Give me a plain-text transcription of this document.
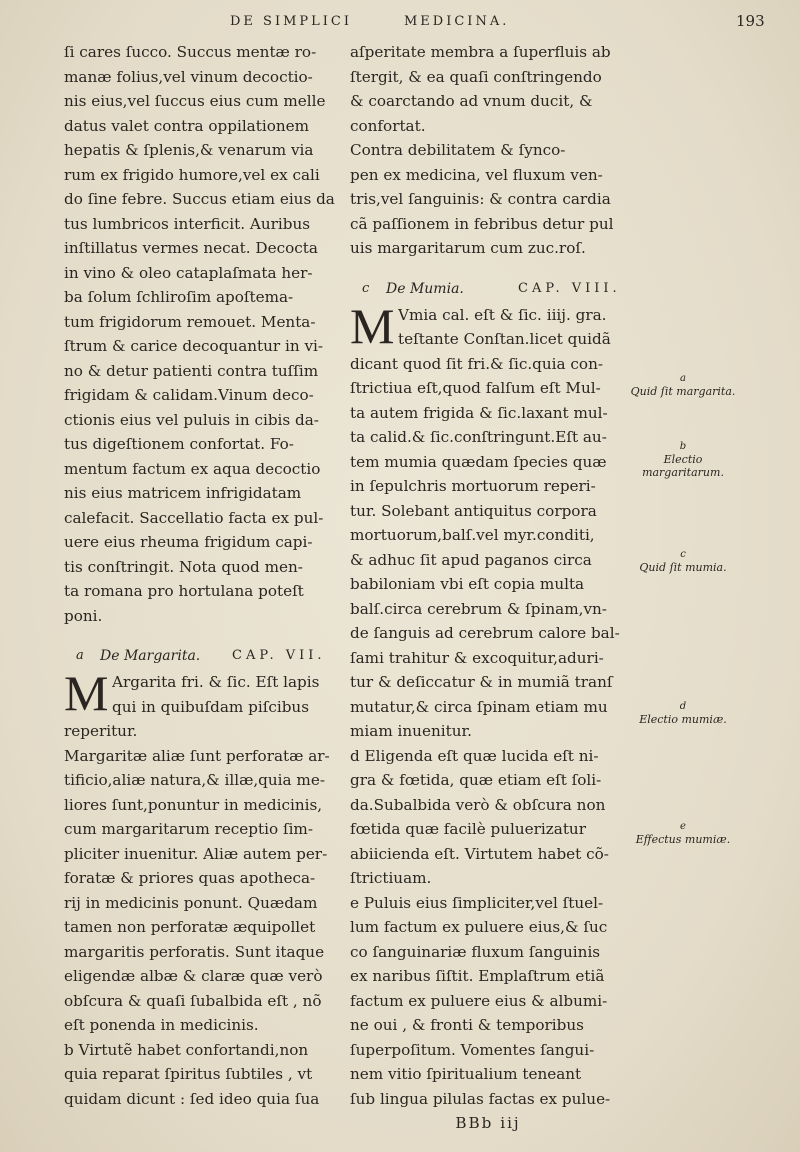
DE SIMPLICI	MEDICINA.	193
ſi cares ſucco. Succus mentæ ro-
manæ folius,vel vinum decoctio-
nis eius,vel ſuccus eius cum melle
datus valet contra oppilationem
hepatis & ſplenis,& venarum via
rum ex frigido humore,vel ex cali
do ſine febre. Succus etiam eius da
tus lumbricos interficit. Auribus
inſtillatus vermes necat. Decocta
in vino & oleo cataplaſmata her-
ba ſolum ſchliroſim apoſtema-
tum frigidorum remouet. Menta-
ſtrum & carice decoquantur in vi-
no & detur patienti contra tuſſim
frigidam & calidam.Vinum deco-
ctionis eius vel puluis in cibis da-
tus digeſtionem confortat. Fo-
mentum factum ex aqua decoctio
nis eius matricem infrigidatam
calefacit. Saccellatio facta ex pul-
uere eius rheuma frigidum capi-
tis conſtringit. Nota quod men-
ta romana pro hortulana poteſt
poni.
a De Margarita. CAP. VII.
M Argarita fri. & ſic. Eſt lapis
qui in quibuſdam piſcibus
reperitur.
Margaritæ aliæ ſunt perforatæ ar-
tificio,aliæ natura,& illæ,quia me-
liores ſunt,ponuntur in medicinis,
cum margaritarum receptio ſim-
pliciter inuenitur. Aliæ autem per-
foratæ & priores quas apotheca-
rij in medicinis ponunt. Quædam
tamen non perforatæ æquipollet
margaritis perforatis. Sunt itaque
eligendæ albæ & claræ quæ verò
obſcura & quaſi ſubalbida eſt , nõ
eſt ponenda in medicinis.
b Virtutẽ habet confortandi,non
quia reparat ſpiritus ſubtiles , vt
quidam dicunt : ſed ideo quia ſua
aſperitate membra a ſuperfluis ab
ſtergit, & ea quaſi conſtringendo
& coarctando ad vnum ducit, &
confortat.
Contra debilitatem & ſynco-
pen ex medicina, vel fluxum ven-
tris,vel ſanguinis: & contra cardia
cã paſſionem in febribus detur pul
uis margaritarum cum zuc.roſ.
c De Mumia.	CAP. VIII.
M Vmia cal. eſt & ſic. iiij. gra.
teſtante Conſtan.licet quidã
dicant quod ſit fri.& ſic.quia con-
ſtrictiua eſt,quod falſum eſt Mul-
ta autem frigida & ſic.laxant mul-
ta calid.& ſic.conſtringunt.Eſt au-
tem mumia quædam ſpecies quæ
in ſepulchris mortuorum reperi-
tur. Solebant antiquitus corpora
mortuorum,balſ.vel myr.conditi,
& adhuc ſit apud paganos circa
babiloniam vbi eſt copia multa
balſ.circa cerebrum & ſpinam,vn-
de ſanguis ad cerebrum calore bal-
ſami trahitur & excoquitur,aduri-
tur & deſiccatur & in mumiã tranſ
mutatur,& circa ſpinam etiam mu
miam inuenitur.
d Eligenda eſt quæ lucida eſt ni-
gra & fœtida, quæ etiam eſt ſoli-
da.Subalbida verò & obſcura non
fœtida quæ facilè puluerizatur
abiicienda eſt. Virtutem habet cõ-
ſtrictiuam.
e Puluis eius ſimpliciter,vel ſtuel-
lum factum ex puluere eius,& ſuc
co ſanguinariæ fluxum ſanguinis
ex naribus ſiſtit. Emplaſtrum etiã
factum ex puluere eius & albumi-
ne oui , & fronti & temporibus
ſuperpoſitum. Vomentes ſangui-
nem vitio ſpiritualium teneant
ſub lingua pilulas factas ex pulue-
BBb iij
a
Quid ſit margarita.
b
Electio margaritarum.
c
Quid ſit mumia.
d
Electio mumiæ.
e
Effectus mumiæ.
